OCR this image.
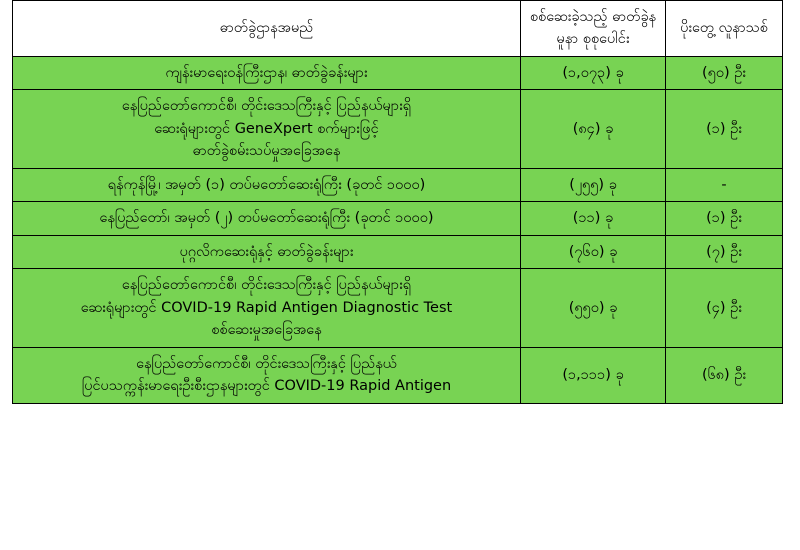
ဓာတ်ခွဲဌာနအမည်	စစ်ဆေးခဲ့သည့် ဓာတ်ခွဲနမူနာ စုစုပေါင်း	ပိုးတွေ့ လူနာသစ်

ကျန်းမာရေးဝန်ကြီးဌာန၊ ဓာတ်ခွဲခန်းများ	(၁,၀၇၃) ခု	(၅၀) ဦး

နေပြည်တော်ကောင်စီ၊ တိုင်းဒေသကြီးနှင့် ပြည်နယ်များရှိ
ဆေးရုံများတွင် GeneXpert စက်များဖြင့်
ဓာတ်ခွဲစမ်းသပ်မှုအခြေအနေ	(၈၄) ခု	(၁) ဦး

ရန်ကုန်မြို့၊ အမှတ် (၁) တပ်မတော်ဆေးရုံကြီး (ခုတင် ၁၀၀၀)	(၂၅၅) ခု	-

နေပြည်တော်၊ အမှတ် (၂) တပ်မတော်ဆေးရုံကြီး (ခုတင် ၁၀၀၀)	(၁၁) ခု	(၁) ဦး

ပုဂ္ဂလိကဆေးရုံနှင့် ဓာတ်ခွဲခန်းများ	(၇၆၀) ခု	(၇) ဦး

နေပြည်တော်ကောင်စီ၊ တိုင်းဒေသကြီးနှင့် ပြည်နယ်များရှိ
ဆေးရုံများတွင် COVID-19 Rapid Antigen Diagnostic Test
စစ်ဆေးမှုအခြေအနေ	(၅၅၀) ခု	(၄) ဦး

နေပြည်တော်ကောင်စီ၊ တိုင်းဒေသကြီးနှင့် ပြည်နယ်
ပြင်ပသက္ကန်းမာရေးဦးစီးဌာနများတွင် COVID-19 Rapid Antigen	(၁,၁၁၁) ခု	(၆၈) ဦး
